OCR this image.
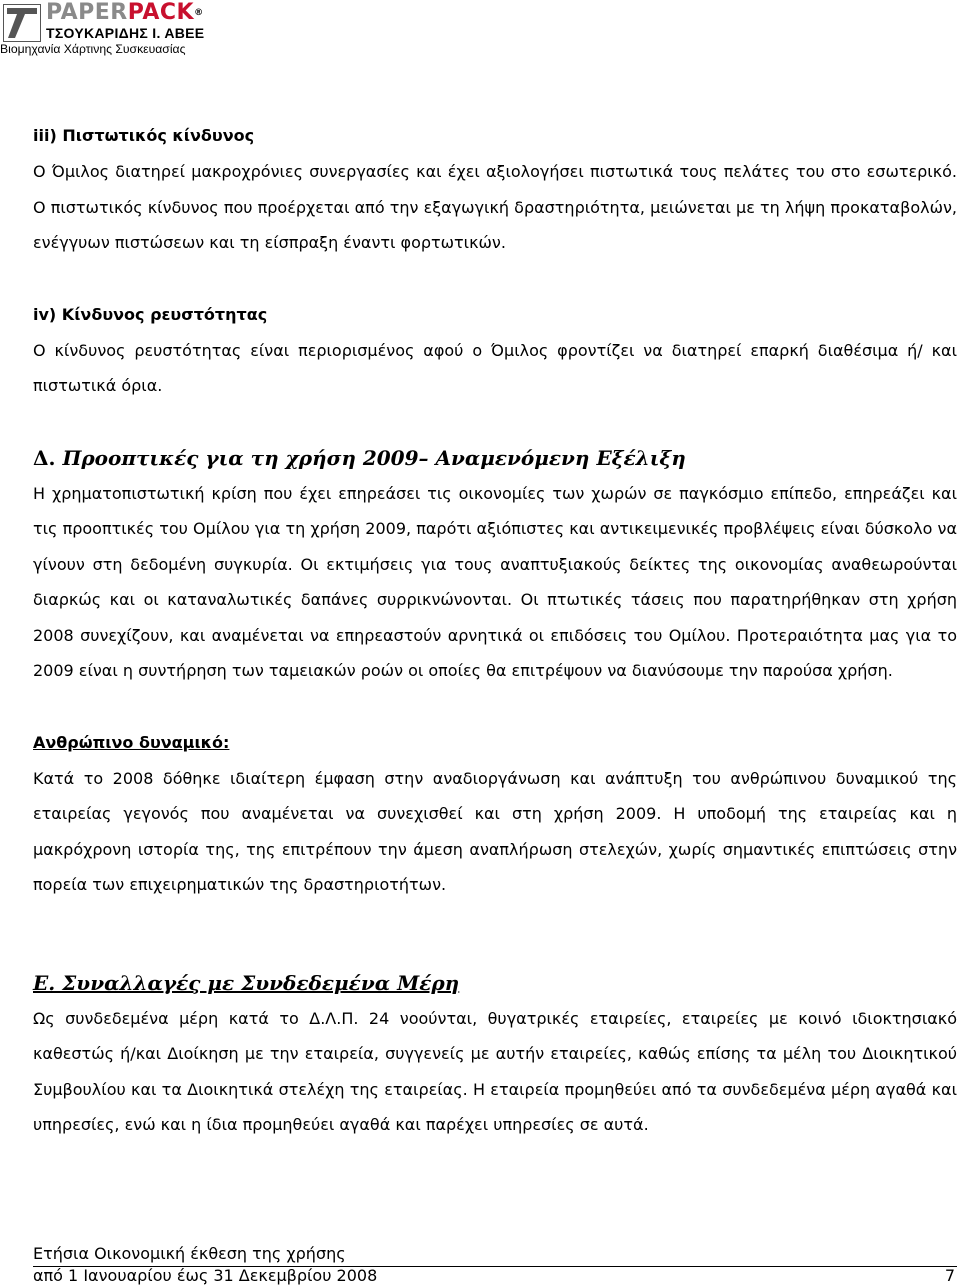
PAPERPACK®
ΤΣΟΥΚΑΡΙΔΗΣ Ι. ΑΒΕΕ
Βιομηχανία Χάρτινης Συσκευασίας
iii) Πιστωτικός κίνδυνος

Ο Όμιλος διατηρεί μακροχρόνιες συνεργασίες και έχει αξιολογήσει πιστωτικά τους πελάτες του στο εσωτερικό. Ο πιστωτικός κίνδυνος που προέρχεται από την εξαγωγική δραστηριότητα, μειώνεται με τη λήψη προκαταβολών, ενέγγυων πιστώσεων και τη είσπραξη έναντι φορτωτικών.

iv) Κίνδυνος ρευστότητας

Ο κίνδυνος ρευστότητας είναι περιορισμένος αφού ο Όμιλος φροντίζει να διατηρεί επαρκή διαθέσιμα ή/ και πιστωτικά όρια.

Δ. Προοπτικές για τη χρήση 2009– Αναμενόμενη Εξέλιξη

Η χρηματοπιστωτική κρίση που έχει επηρεάσει τις οικονομίες των χωρών σε παγκόσμιο επίπεδο, επηρεάζει και τις προοπτικές του Ομίλου για τη χρήση 2009, παρότι αξιόπιστες και αντικειμενικές προβλέψεις είναι δύσκολο να γίνουν στη δεδομένη συγκυρία. Οι εκτιμήσεις για τους αναπτυξιακούς δείκτες της οικονομίας αναθεωρούνται διαρκώς και οι καταναλωτικές δαπάνες συρρικνώνονται. Οι πτωτικές τάσεις που παρατηρήθηκαν στη χρήση 2008 συνεχίζουν, και αναμένεται να επηρεαστούν αρνητικά οι επιδόσεις του Ομίλου. Προτεραιότητα μας για το 2009 είναι η συντήρηση των ταμειακών ροών οι οποίες θα επιτρέψουν να διανύσουμε την παρούσα χρήση.

Ανθρώπινο δυναμικό:

Κατά το 2008 δόθηκε ιδιαίτερη έμφαση στην αναδιοργάνωση και ανάπτυξη του ανθρώπινου δυναμικού της εταιρείας γεγονός που αναμένεται να συνεχισθεί και στη χρήση 2009. Η υποδομή της εταιρείας και η μακρόχρονη ιστορία της, της επιτρέπουν την άμεση αναπλήρωση στελεχών, χωρίς σημαντικές επιπτώσεις στην πορεία των επιχειρηματικών της δραστηριοτήτων.

Ε. Συναλλαγές με Συνδεδεμένα Μέρη

Ως συνδεδεμένα μέρη κατά το Δ.Λ.Π. 24 νοούνται, θυγατρικές εταιρείες, εταιρείες με κοινό ιδιοκτησιακό καθεστώς ή/και Διοίκηση με την εταιρεία, συγγενείς με αυτήν εταιρείες, καθώς επίσης τα μέλη του Διοικητικού Συμβουλίου και τα Διοικητικά στελέχη της εταιρείας. Η εταιρεία προμηθεύει από τα συνδεδεμένα μέρη αγαθά και υπηρεσίες, ενώ και η ίδια προμηθεύει αγαθά και παρέχει υπηρεσίες σε αυτά.

Ετήσια Οικονομική έκθεση της χρήσης
από 1 Ιανουαρίου έως 31 Δεκεμβρίου 2008	7
